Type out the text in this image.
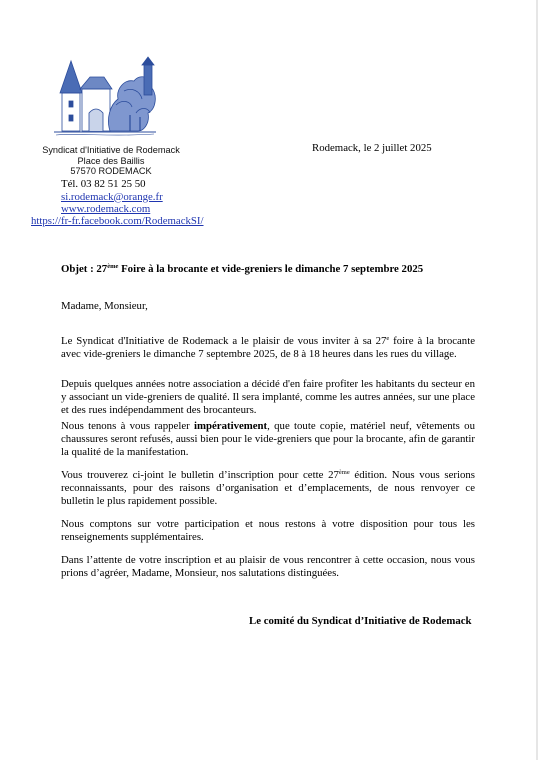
Syndicat d'Initiative de Rodemack
Place des Baillis
57570 RODEMACK
Tél. 03 82 51 25 50
si.rodemack@orange.fr
www.rodemack.com
https://fr-fr.facebook.com/RodemackSI/
Rodemack, le 2 juillet 2025
Objet : 27ème Foire à la brocante et vide-greniers le dimanche 7 septembre 2025
Madame, Monsieur,
Le Syndicat d'Initiative de Rodemack a le plaisir de vous inviter à sa 27e foire à la brocante avec vide-greniers le dimanche 7 septembre 2025, de 8 à 18 heures dans les rues du village.
Depuis quelques années notre association a décidé d'en faire profiter les habitants du secteur en y associant un vide-greniers de qualité. Il sera implanté, comme les autres années, sur une place et des rues indépendamment des brocanteurs.
Nous tenons à vous rappeler impérativement, que toute copie, matériel neuf, vêtements ou chaussures seront refusés, aussi bien pour le vide-greniers que pour la brocante, afin de garantir la qualité de la manifestation.
Vous trouverez ci-joint le bulletin d’inscription pour cette 27ème édition. Nous vous serions reconnaissants, pour des raisons d’organisation et d’emplacements, de nous renvoyer ce bulletin le plus rapidement possible.
Nous comptons sur votre participation et nous restons à votre disposition pour tous les renseignements supplémentaires.
Dans l’attente de votre inscription et au plaisir de vous rencontrer à cette occasion, nous vous prions d’agréer, Madame, Monsieur, nos salutations distinguées.
Le comité du Syndicat d’Initiative de Rodemack
